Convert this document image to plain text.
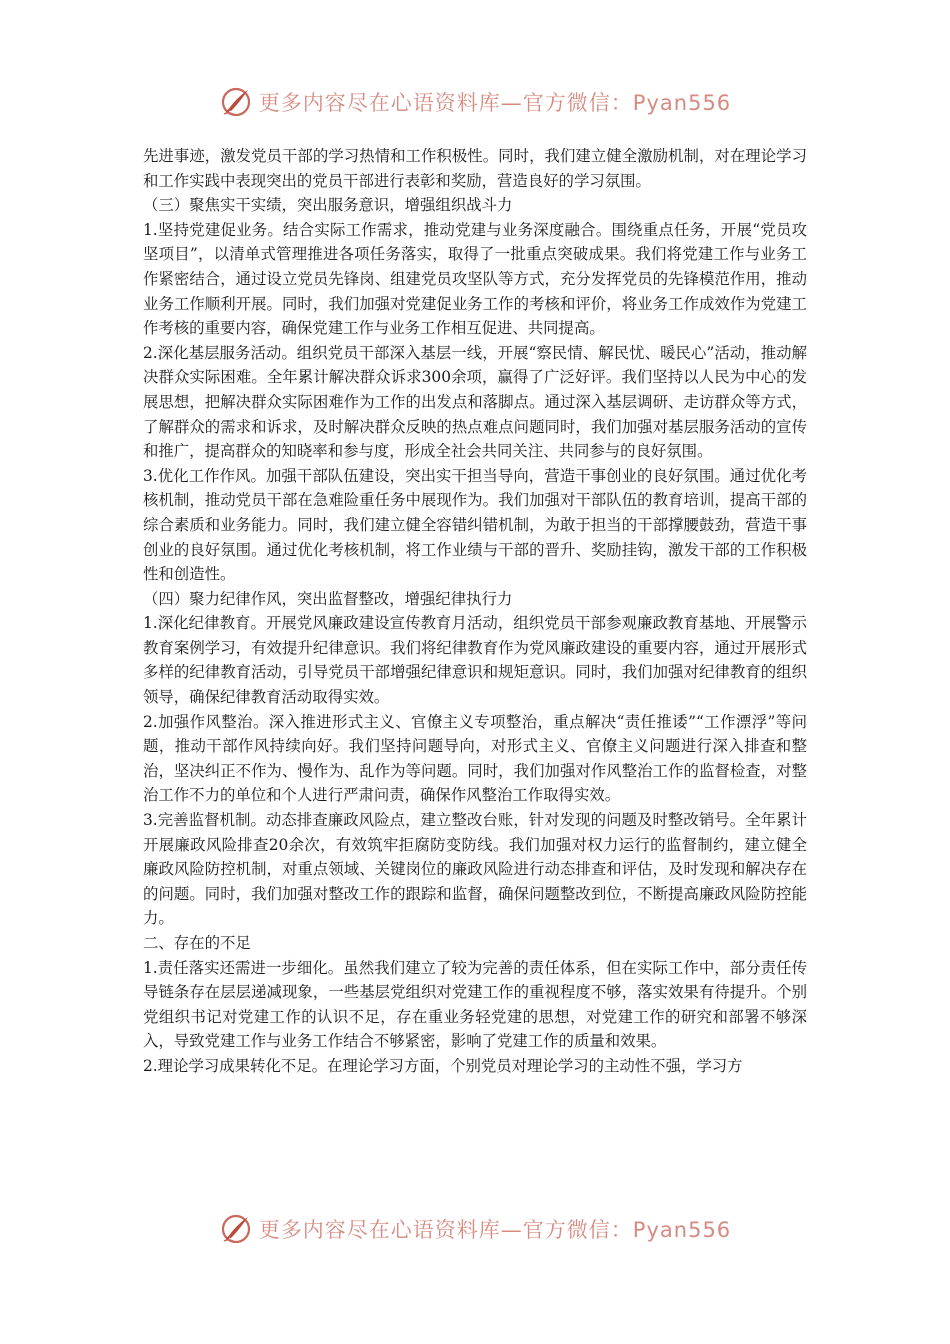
更多内容尽在心语资料库—官方微信：Pyan556

先进事迹，激发党员干部的学习热情和工作积极性。同时，我们建立健全激励机制，对在理论学习和工作实践中表现突出的党员干部进行表彰和奖励，营造良好的学习氛围。

（三）聚焦实干实绩，突出服务意识，增强组织战斗力

1.坚持党建促业务。结合实际工作需求，推动党建与业务深度融合。围绕重点任务，开展“党员攻坚项目”，以清单式管理推进各项任务落实，取得了一批重点突破成果。我们将党建工作与业务工作紧密结合，通过设立党员先锋岗、组建党员攻坚队等方式，充分发挥党员的先锋模范作用，推动业务工作顺利开展。同时，我们加强对党建促业务工作的考核和评价，将业务工作成效作为党建工作考核的重要内容，确保党建工作与业务工作相互促进、共同提高。

2.深化基层服务活动。组织党员干部深入基层一线，开展“察民情、解民忧、暖民心”活动，推动解决群众实际困难。全年累计解决群众诉求300余项，赢得了广泛好评。我们坚持以人民为中心的发展思想，把解决群众实际困难作为工作的出发点和落脚点。通过深入基层调研、走访群众等方式，了解群众的需求和诉求，及时解决群众反映的热点难点问题同时，我们加强对基层服务活动的宣传和推广，提高群众的知晓率和参与度，形成全社会共同关注、共同参与的良好氛围。

3.优化工作作风。加强干部队伍建设，突出实干担当导向，营造干事创业的良好氛围。通过优化考核机制，推动党员干部在急难险重任务中展现作为。我们加强对干部队伍的教育培训，提高干部的综合素质和业务能力。同时，我们建立健全容错纠错机制，为敢于担当的干部撑腰鼓劲，营造干事创业的良好氛围。通过优化考核机制，将工作业绩与干部的晋升、奖励挂钩，激发干部的工作积极性和创造性。

（四）聚力纪律作风，突出监督整改，增强纪律执行力

1.深化纪律教育。开展党风廉政建设宣传教育月活动，组织党员干部参观廉政教育基地、开展警示教育案例学习，有效提升纪律意识。我们将纪律教育作为党风廉政建设的重要内容，通过开展形式多样的纪律教育活动，引导党员干部增强纪律意识和规矩意识。同时，我们加强对纪律教育的组织领导，确保纪律教育活动取得实效。

2.加强作风整治。深入推进形式主义、官僚主义专项整治，重点解决“责任推诿”“工作漂浮”等问题，推动干部作风持续向好。我们坚持问题导向，对形式主义、官僚主义问题进行深入排查和整治，坚决纠正不作为、慢作为、乱作为等问题。同时，我们加强对作风整治工作的监督检查，对整治工作不力的单位和个人进行严肃问责，确保作风整治工作取得实效。

3.完善监督机制。动态排查廉政风险点，建立整改台账，针对发现的问题及时整改销号。全年累计开展廉政风险排查20余次，有效筑牢拒腐防变防线。我们加强对权力运行的监督制约，建立健全廉政风险防控机制，对重点领域、关键岗位的廉政风险进行动态排查和评估，及时发现和解决存在的问题。同时，我们加强对整改工作的跟踪和监督，确保问题整改到位，不断提高廉政风险防控能力。

二、存在的不足

1.责任落实还需进一步细化。虽然我们建立了较为完善的责任体系，但在实际工作中，部分责任传导链条存在层层递减现象，一些基层党组织对党建工作的重视程度不够，落实效果有待提升。个别党组织书记对党建工作的认识不足，存在重业务轻党建的思想，对党建工作的研究和部署不够深入，导致党建工作与业务工作结合不够紧密，影响了党建工作的质量和效果。

2.理论学习成果转化不足。在理论学习方面，个别党员对理论学习的主动性不强，学习方

更多内容尽在心语资料库—官方微信：Pyan556
